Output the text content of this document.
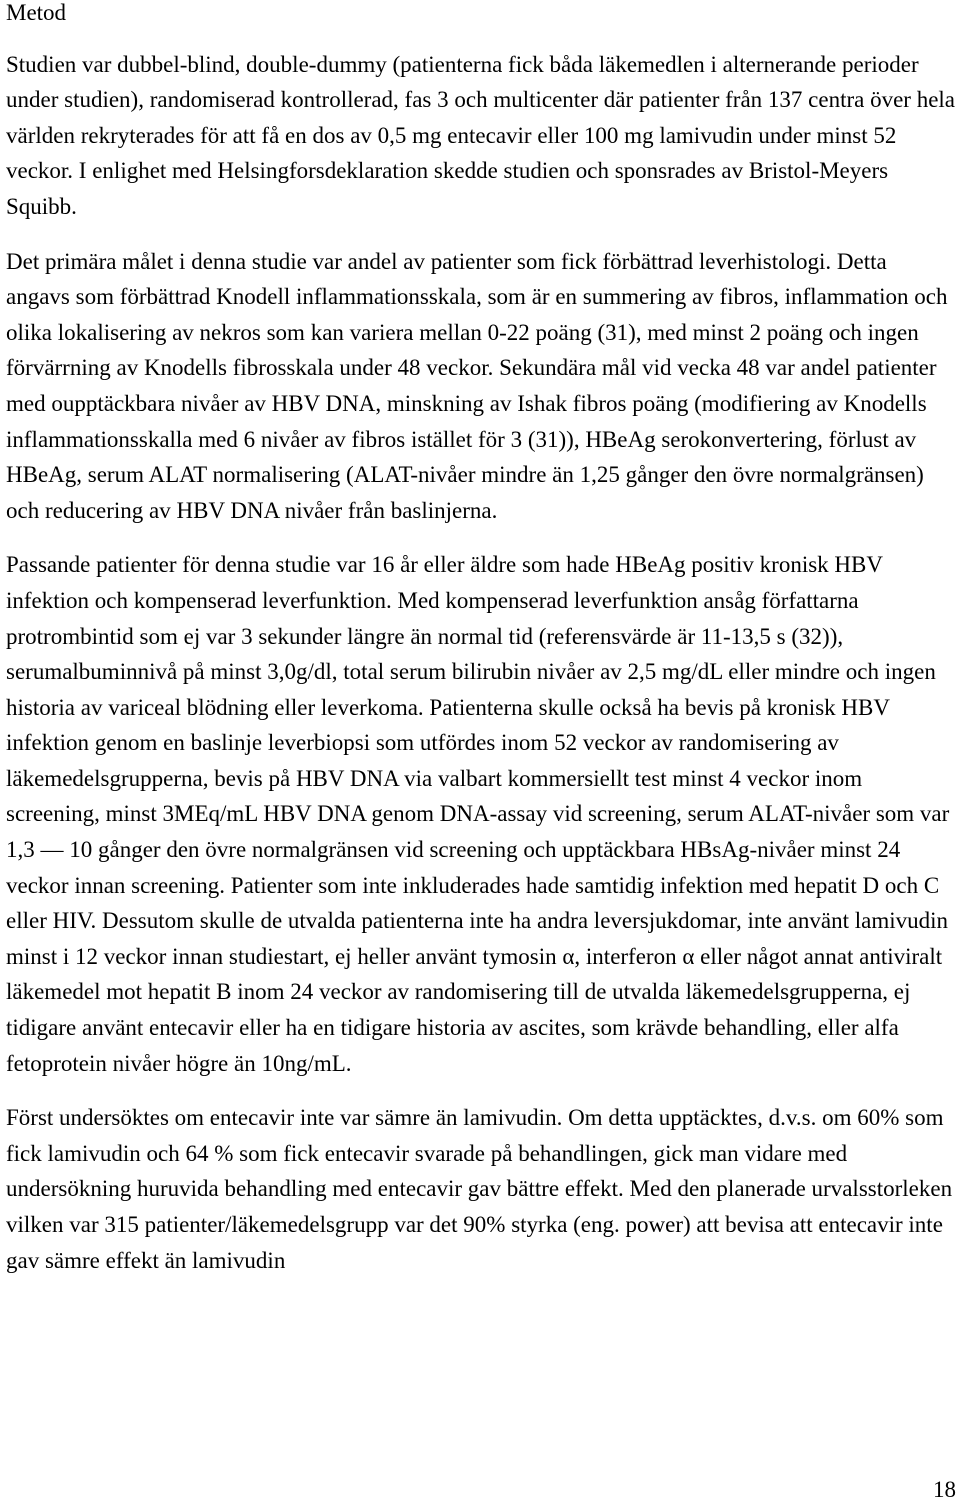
Metod

Studien var dubbel-blind, double-dummy (patienterna fick båda läkemedlen i alternerande perioder under studien), randomiserad kontrollerad, fas 3 och multicenter där patienter från 137 centra över hela världen rekryterades för att få en dos av 0,5 mg entecavir eller 100 mg lamivudin under minst 52 veckor. I enlighet med Helsingforsdeklaration skedde studien och sponsrades av Bristol-Meyers Squibb.

Det primära målet i denna studie var andel av patienter som fick förbättrad leverhistologi. Detta angavs som förbättrad Knodell inflammationsskala, som är en summering av fibros, inflammation och olika lokalisering av nekros som kan variera mellan 0-22 poäng (31), med minst 2 poäng och ingen förvärrning av Knodells fibrosskala under 48 veckor. Sekundära mål vid vecka 48 var andel patienter med oupptäckbara nivåer av HBV DNA, minskning av Ishak fibros poäng (modifiering av Knodells inflammationsskalla med 6 nivåer av fibros istället för 3 (31)), HBeAg serokonvertering, förlust av HBeAg, serum ALAT normalisering (ALAT-nivåer mindre än 1,25 gånger den övre normalgränsen) och reducering av HBV DNA nivåer från baslinjerna.

Passande patienter för denna studie var 16 år eller äldre som hade HBeAg positiv kronisk HBV infektion och kompenserad leverfunktion. Med kompenserad leverfunktion ansåg författarna protrombintid som ej var 3 sekunder längre än normal tid (referensvärde är 11-13,5 s (32)), serumalbuminnivå på minst 3,0g/dl, total serum bilirubin nivåer av 2,5 mg/dL eller mindre och ingen historia av variceal blödning eller leverkoma. Patienterna skulle också ha bevis på kronisk HBV infektion genom en baslinje leverbiopsi som utfördes inom 52 veckor av randomisering av läkemedelsgrupperna, bevis på HBV DNA via valbart kommersiellt test minst 4 veckor inom screening, minst 3MEq/mL HBV DNA genom DNA-assay vid screening, serum ALAT-nivåer som var 1,3 — 10 gånger den övre normalgränsen vid screening och upptäckbara HBsAg-nivåer minst 24 veckor innan screening. Patienter som inte inkluderades hade samtidig infektion med hepatit D och C eller HIV. Dessutom skulle de utvalda patienterna inte ha andra leversjukdomar, inte använt lamivudin minst i 12 veckor innan studiestart, ej heller använt tymosin α, interferon α eller något annat antiviralt läkemedel mot hepatit B inom 24 veckor av randomisering till de utvalda läkemedelsgrupperna, ej tidigare använt entecavir eller ha en tidigare historia av ascites, som krävde behandling, eller alfa fetoprotein nivåer högre än 10ng/mL.

Först undersöktes om entecavir inte var sämre än lamivudin. Om detta upptäcktes, d.v.s. om 60% som fick lamivudin och 64 % som fick entecavir svarade på behandlingen, gick man vidare med undersökning huruvida behandling med entecavir gav bättre effekt. Med den planerade urvalsstorleken vilken var 315 patienter/läkemedelsgrupp var det 90% styrka (eng. power) att bevisa att entecavir inte gav sämre effekt än lamivudin

18
